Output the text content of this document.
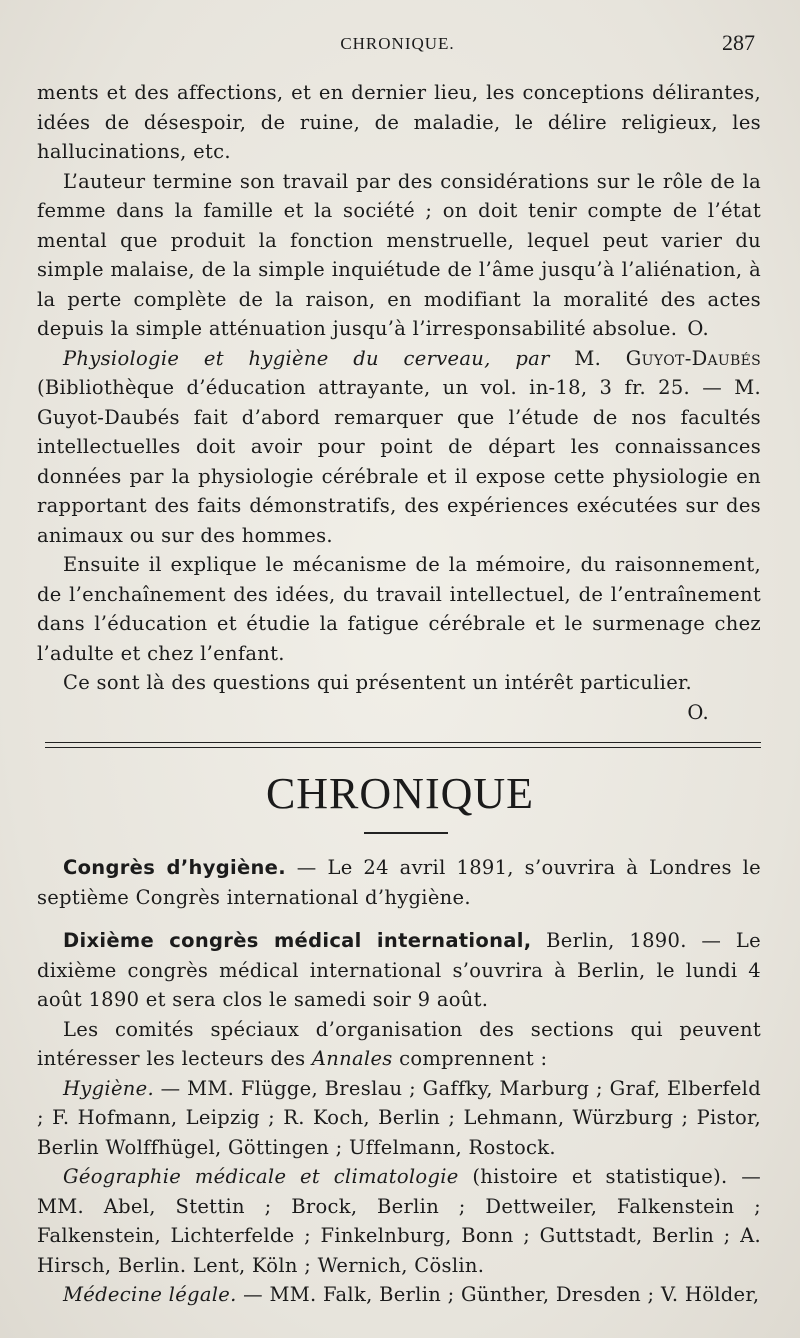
CHRONIQUE.	287

ments et des affections, et en dernier lieu, les conceptions délirantes, idées de désespoir, de ruine, de maladie, le délire religieux, les hallucinations, etc.

L’auteur termine son travail par des considérations sur le rôle de la femme dans la famille et la société ; on doit tenir compte de l’état mental que produit la fonction menstruelle, lequel peut varier du simple malaise, de la simple inquiétude de l’âme jusqu’à l’aliénation, à la perte complète de la raison, en modifiant la moralité des actes depuis la simple atténuation jusqu’à l’irresponsabilité absolue. O.

Physiologie et hygiène du cerveau, par M. Guyot-Daubés (Bibliothèque d’éducation attrayante, un vol. in-18, 3 fr. 25. — M. Guyot-Daubés fait d’abord remarquer que l’étude de nos facultés intellectuelles doit avoir pour point de départ les connaissances données par la physiologie cérébrale et il expose cette physiologie en rapportant des faits démonstratifs, des expériences exécutées sur des animaux ou sur des hommes.

Ensuite il explique le mécanisme de la mémoire, du raisonnement, de l’enchaînement des idées, du travail intellectuel, de l’entraînement dans l’éducation et étudie la fatigue cérébrale et le surmenage chez l’adulte et chez l’enfant.

Ce sont là des questions qui présentent un intérêt particulier.

O.

CHRONIQUE

Congrès d’hygiène. — Le 24 avril 1891, s’ouvrira à Londres le septième Congrès international d’hygiène.

Dixième congrès médical international, Berlin, 1890. — Le dixième congrès médical international s’ouvrira à Berlin, le lundi 4 août 1890 et sera clos le samedi soir 9 août.

Les comités spéciaux d’organisation des sections qui peuvent intéresser les lecteurs des Annales comprennent :

Hygiène. — MM. Flügge, Breslau ; Gaffky, Marburg ; Graf, Elberfeld ; F. Hofmann, Leipzig ; R. Koch, Berlin ; Lehmann, Würzburg ; Pistor, Berlin Wolffhügel, Göttingen ; Uffelmann, Rostock.

Géographie médicale et climatologie (histoire et statistique). — MM. Abel, Stettin ; Brock, Berlin ; Dettweiler, Falkenstein ; Falkenstein, Lichterfelde ; Finkelnburg, Bonn ; Guttstadt, Berlin ; A. Hirsch, Berlin. Lent, Köln ; Wernich, Cöslin.

Médecine légale. — MM. Falk, Berlin ; Günther, Dresden ; V. Hölder,
